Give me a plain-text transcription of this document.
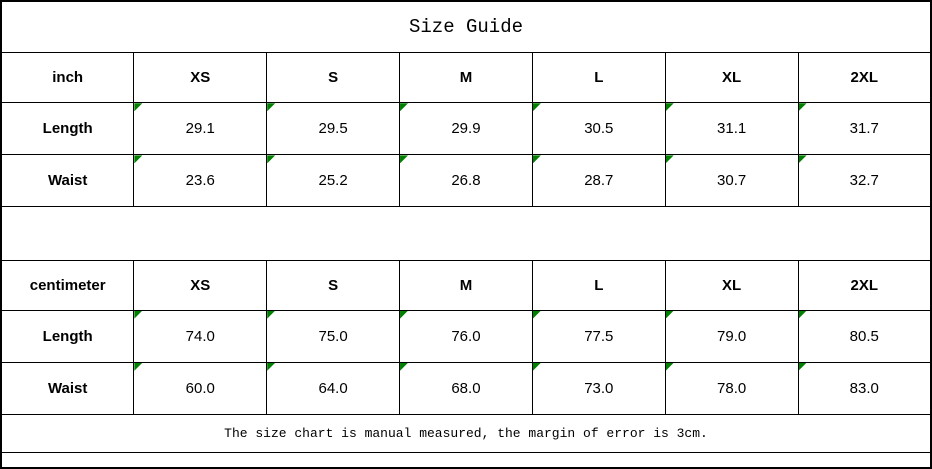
Size Guide						
inch	XS	S	M	L	XL	2XL
Length	29.1	29.5	29.9	30.5	31.1	31.7
Waist	23.6	25.2	26.8	28.7	30.7	32.7

centimeter	XS	S	M	L	XL	2XL
Length	74.0	75.0	76.0	77.5	79.0	80.5
Waist	60.0	64.0	68.0	73.0	78.0	83.0
The size chart is manual measured, the margin of error is 3cm.						
